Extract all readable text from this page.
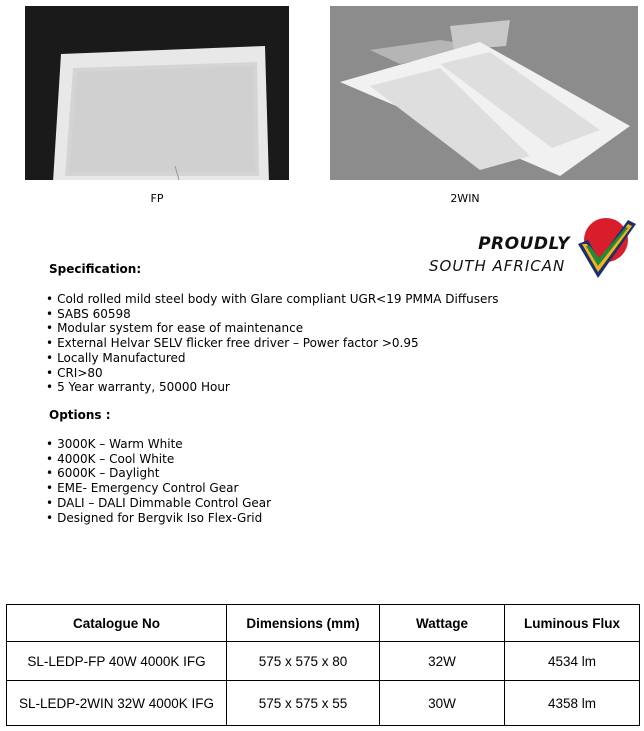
FP	2WIN
PROUDLY
SOUTH AFRICAN
Specification:
• Cold rolled mild steel body with Glare compliant UGR<19 PMMA Diffusers
• SABS 60598
• Modular system for ease of maintenance
• External Helvar SELV flicker free driver – Power factor >0.95
• Locally Manufactured
• CRI>80
• 5 Year warranty, 50000 Hour
Options :
• 3000K – Warm White
• 4000K – Cool White
• 6000K – Daylight
• EME- Emergency Control Gear
• DALI – DALI Dimmable Control Gear
• Designed for Bergvik Iso Flex-Grid
Catalogue No	Dimensions (mm)	Wattage	Luminous Flux
SL-LEDP-FP 40W 4000K IFG	575 x 575 x 80	32W	4534 lm
SL-LEDP-2WIN 32W 4000K IFG	575 x 575 x 55	30W	4358 lm
